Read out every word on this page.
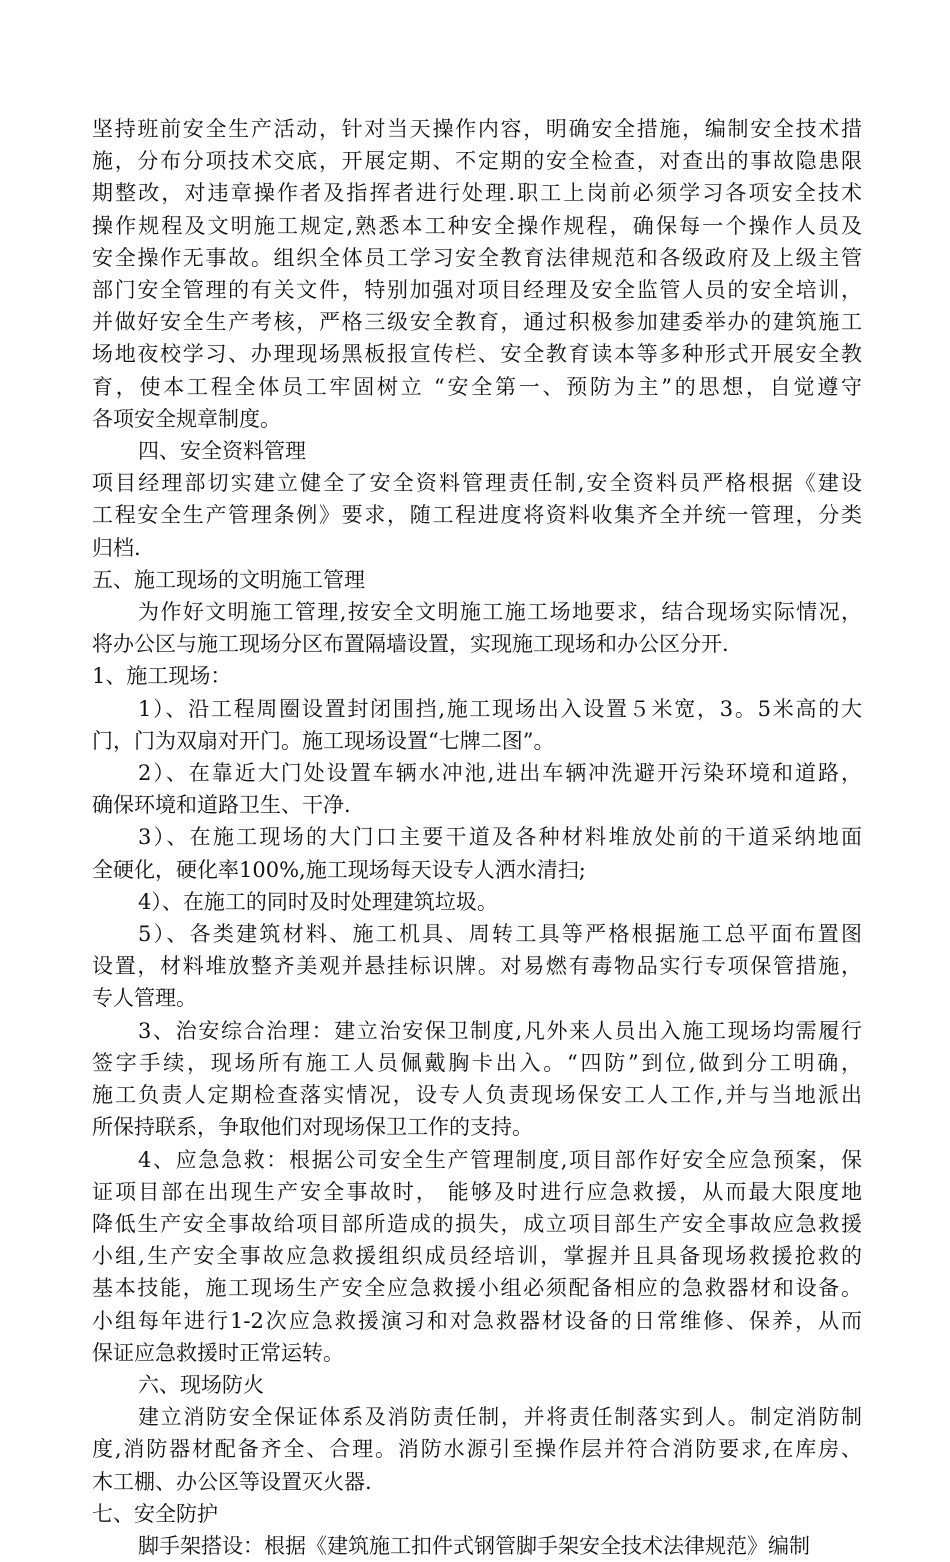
坚持班前安全生产活动，针对当天操作内容，明确安全措施，编制安全技术措
施，分布分项技术交底，开展定期、不定期的安全检查，对查出的事故隐患限
期整改，对违章操作者及指挥者进行处理.职工上岗前必须学习各项安全技术
操作规程及文明施工规定,熟悉本工种安全操作规程，确保每一个操作人员及
安全操作无事故。组织全体员工学习安全教育法律规范和各级政府及上级主管
部门安全管理的有关文件，特别加强对项目经理及安全监管人员的安全培训，
并做好安全生产考核，严格三级安全教育，通过积极参加建委举办的建筑施工
场地夜校学习、办理现场黑板报宣传栏、安全教育读本等多种形式开展安全教
育，使本工程全体员工牢固树立 “安全第一、预防为主”的思想，自觉遵守
各项安全规章制度。
四、安全资料管理
项目经理部切实建立健全了安全资料管理责任制,安全资料员严格根据《建设
工程安全生产管理条例》要求，随工程进度将资料收集齐全并统一管理，分类
归档.
五、施工现场的文明施工管理
为作好文明施工管理,按安全文明施工施工场地要求，结合现场实际情况，
将办公区与施工现场分区布置隔墙设置，实现施工现场和办公区分开.
1、施工现场：
1）、沿工程周圈设置封闭围挡,施工现场出入设置５米宽，3。5米高的大
门，门为双扇对开门。施工现场设置“七牌二图”。
2）、在靠近大门处设置车辆水冲池,进出车辆冲洗避开污染环境和道路，
确保环境和道路卫生、干净.
3）、在施工现场的大门口主要干道及各种材料堆放处前的干道采纳地面
全硬化，硬化率100%,施工现场每天设专人洒水清扫;
4）、在施工的同时及时处理建筑垃圾。
5）、各类建筑材料、施工机具、周转工具等严格根据施工总平面布置图
设置，材料堆放整齐美观并悬挂标识牌。对易燃有毒物品实行专项保管措施，
专人管理。
3、治安综合治理：建立治安保卫制度,凡外来人员出入施工现场均需履行
签字手续，现场所有施工人员佩戴胸卡出入。“四防”到位,做到分工明确，
施工负责人定期检查落实情况，设专人负责现场保安工人工作,并与当地派出
所保持联系，争取他们对现场保卫工作的支持。
4、应急急救：根据公司安全生产管理制度,项目部作好安全应急预案，保
证项目部在出现生产安全事故时， 能够及时进行应急救援，从而最大限度地
降低生产安全事故给项目部所造成的损失，成立项目部生产安全事故应急救援
小组,生产安全事故应急救援组织成员经培训，掌握并且具备现场救援抢救的
基本技能，施工现场生产安全应急救援小组必须配备相应的急救器材和设备。
小组每年进行1-2次应急救援演习和对急救器材设备的日常维修、保养，从而
保证应急救援时正常运转。
六、现场防火
建立消防安全保证体系及消防责任制，并将责任制落实到人。制定消防制
度,消防器材配备齐全、合理。消防水源引至操作层并符合消防要求,在库房、
木工棚、办公区等设置灭火器.
七、安全防护
脚手架搭设：根据《建筑施工扣件式钢管脚手架安全技术法律规范》编制
